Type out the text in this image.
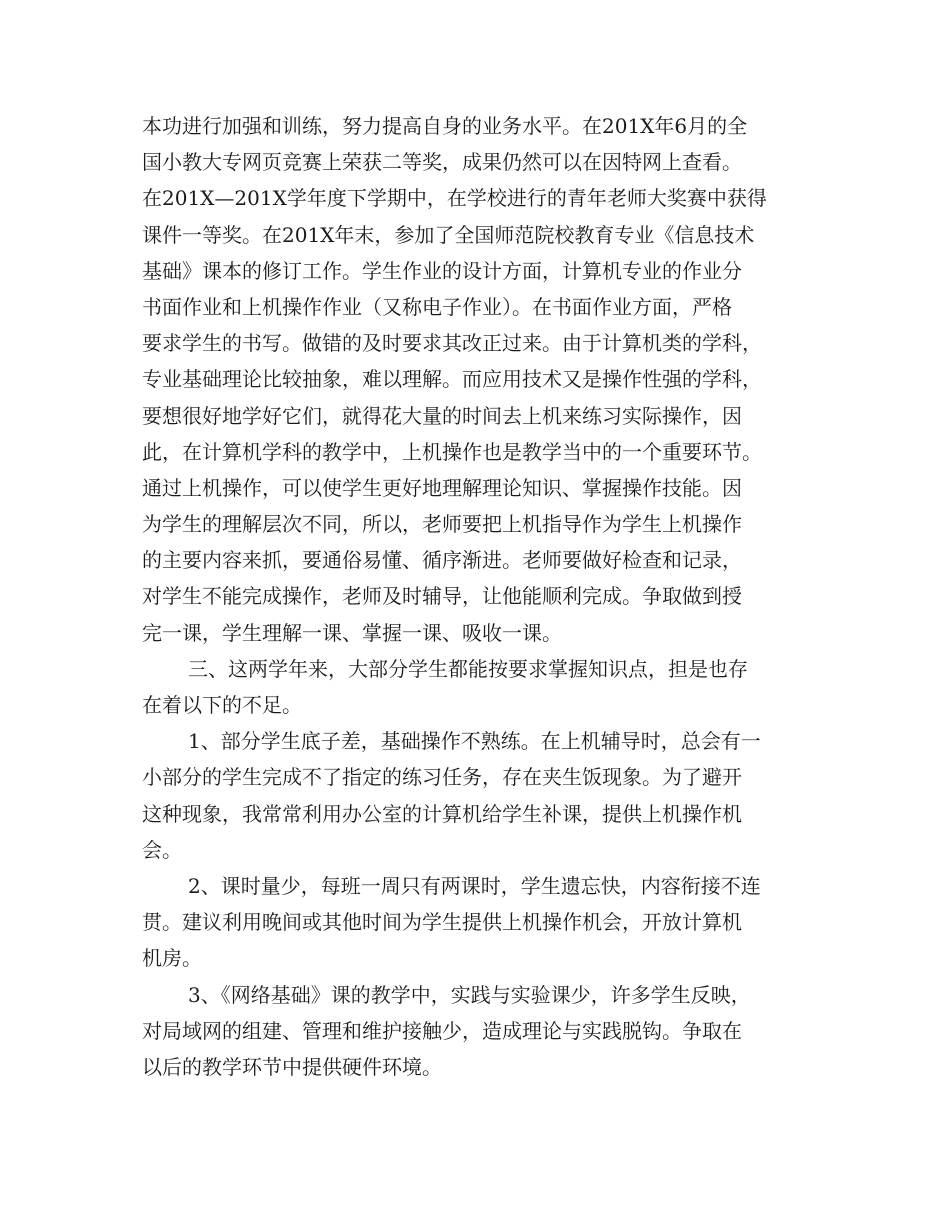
本功进行加强和训练，努力提高自身的业务水平。在201X年6月的全
国小教大专网页竞赛上荣获二等奖，成果仍然可以在因特网上查看。
在201X—201X学年度下学期中，在学校进行的青年老师大奖赛中获得
课件一等奖。在201X年末，参加了全国师范院校教育专业《信息技术
基础》课本的修订工作。学生作业的设计方面，计算机专业的作业分
书面作业和上机操作作业（又称电子作业）。在书面作业方面，严格
要求学生的书写。做错的及时要求其改正过来。由于计算机类的学科，
专业基础理论比较抽象，难以理解。而应用技术又是操作性强的学科，
要想很好地学好它们，就得花大量的时间去上机来练习实际操作，因
此，在计算机学科的教学中，上机操作也是教学当中的一个重要环节。
通过上机操作，可以使学生更好地理解理论知识、掌握操作技能。因
为学生的理解层次不同，所以，老师要把上机指导作为学生上机操作
的主要内容来抓，要通俗易懂、循序渐进。老师要做好检查和记录，
对学生不能完成操作，老师及时辅导，让他能顺利完成。争取做到授
完一课，学生理解一课、掌握一课、吸收一课。
三、这两学年来，大部分学生都能按要求掌握知识点，担是也存
在着以下的不足。
1、部分学生底子差，基础操作不熟练。在上机辅导时，总会有一
小部分的学生完成不了指定的练习任务，存在夹生饭现象。为了避开
这种现象，我常常利用办公室的计算机给学生补课，提供上机操作机
会。
2、课时量少，每班一周只有两课时，学生遗忘快，内容衔接不连
贯。建议利用晚间或其他时间为学生提供上机操作机会，开放计算机
机房。
3、《网络基础》课的教学中，实践与实验课少，许多学生反映，
对局域网的组建、管理和维护接触少，造成理论与实践脱钩。争取在
以后的教学环节中提供硬件环境。
